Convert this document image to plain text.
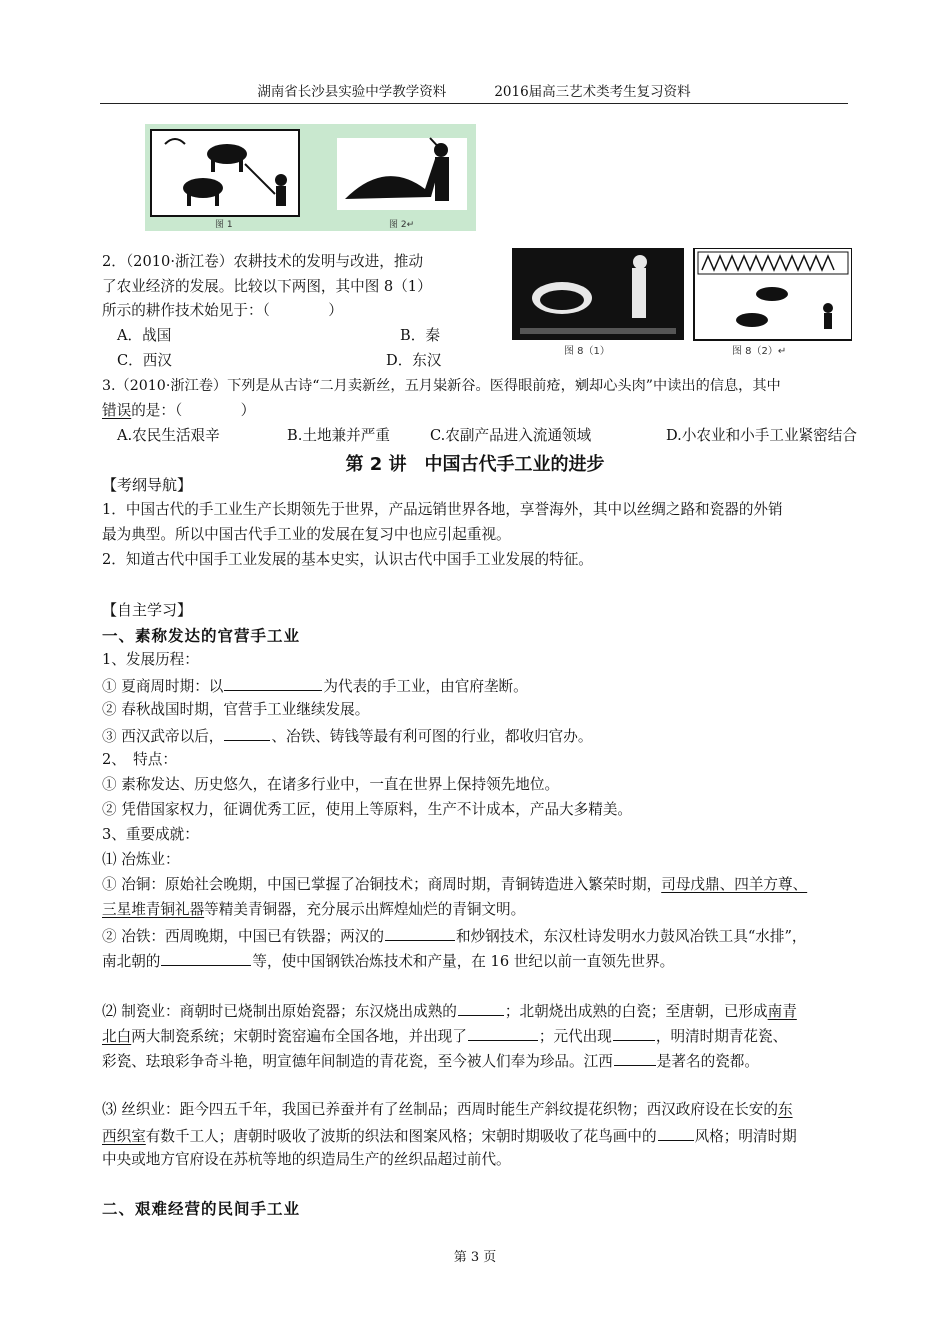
湖南省长沙县实验中学教学资料	2016届高三艺术类考生复习资料
图 1	图 2↵
图 8（1）	图 8（2）↵
2．（2010·浙江卷）农耕技术的发明与改进，推动
了农业经济的发展。比较以下两图，其中图 8（1）
所示的耕作技术始见于：（　　　　）
A．战国	B．秦
C．西汉	D．东汉
3.（2010·浙江卷）下列是从古诗“二月卖新丝，五月粜新谷。医得眼前疮，剜却心头肉”中读出的信息，其中
错误的是：（　　　　）
A.农民生活艰辛	B.土地兼并严重	C.农副产品进入流通领域	D.小农业和小手工业紧密结合
第 2 讲　中国古代手工业的进步
【考纲导航】
1．中国古代的手工业生产长期领先于世界，产品远销世界各地，享誉海外，其中以丝绸之路和瓷器的外销
最为典型。所以中国古代手工业的发展在复习中也应引起重视。
2．知道古代中国手工业发展的基本史实，认识古代中国手工业发展的特征。
【自主学习】
一、素称发达的官营手工业
1、发展历程：
① 夏商周时期：以	为代表的手工业，由官府垄断。
② 春秋战国时期，官营手工业继续发展。
③ 西汉武帝以后，	、冶铁、铸钱等最有利可图的行业，都收归官办。
2、　特点：
① 素称发达、历史悠久，在诸多行业中，一直在世界上保持领先地位。
② 凭借国家权力，征调优秀工匠，使用上等原料，生产不计成本，产品大多精美。
3、重要成就：
⑴ 冶炼业：
① 冶铜：原始社会晚期，中国已掌握了冶铜技术；商周时期，青铜铸造进入繁荣时期，司母戊鼎、四羊方尊、
三星堆青铜礼器等精美青铜器，充分展示出辉煌灿烂的青铜文明。
② 冶铁：西周晚期，中国已有铁器；两汉的	和炒钢技术，东汉杜诗发明水力鼓风冶铁工具“水排”，
南北朝的	等，使中国钢铁冶炼技术和产量，在 16 世纪以前一直领先世界。
⑵ 制瓷业：商朝时已烧制出原始瓷器；东汉烧出成熟的	；北朝烧出成熟的白瓷；至唐朝，已形成南青
北白两大制瓷系统；宋朝时瓷窑遍布全国各地，并出现了	；元代出现	，明清时期青花瓷、
彩瓷、珐琅彩争奇斗艳，明宣德年间制造的青花瓷，至今被人们奉为珍品。江西	是著名的瓷都。
⑶ 丝织业：距今四五千年，我国已养蚕并有了丝制品；西周时能生产斜纹提花织物；西汉政府设在长安的东
西织室有数千工人；唐朝时吸收了波斯的织法和图案风格；宋朝时期吸收了花鸟画中的	风格；明清时期
中央或地方官府设在苏杭等地的织造局生产的丝织品超过前代。
二、艰难经营的民间手工业
第 3 页
